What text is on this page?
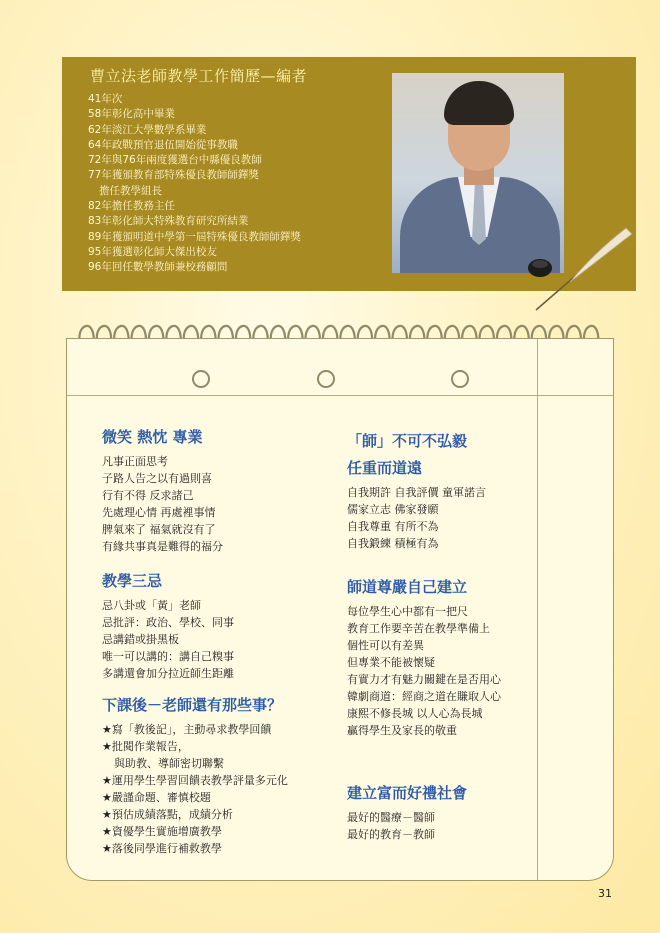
曹立法老師教學工作簡歷—編者
41年次
58年彰化高中畢業
62年淡江大學數學系畢業
64年政戰預官退伍開始從事教職
72年與76年兩度獲選台中縣優良教師
77年獲頒教育部特殊優良教師師鐸獎
擔任教學組長
82年擔任教務主任
83年彰化師大特殊教育研究所結業
89年獲頒明道中學第一屆特殊優良教師師鐸獎
95年獲選彰化師大傑出校友
96年回任數學教師兼校務顧問
微笑 熱忱 專業
凡事正面思考
子路人告之以有過則喜
行有不得 反求諸己
先處理心情 再處裡事情
脾氣來了 福氣就沒有了
有緣共事真是難得的福分
教學三忌
忌八卦或「黃」老師
忌批評：政治、學校、同事
忌講錯或掛黑板
唯一可以講的：講自己糗事
多講還會加分拉近師生距離
下課後－老師還有那些事？
★寫「教後記」，主動尋求教學回饋
★批閱作業報告，
與助教、導師密切聯繫
★運用學生學習回饋表教學評量多元化
★嚴謹命題、審慎校題
★預估成績落點，成績分析
★資優學生實施增廣教學
★落後同學進行補救教學
「師」不可不弘毅
任重而道遠
自我期許 自我評價 童軍諾言
儒家立志 佛家發願
自我尊重 有所不為
自我鍛練 積極有為
師道尊嚴自己建立
每位學生心中都有一把尺
教育工作要辛苦在教學準備上
個性可以有差異
但專業不能被懷疑
有實力才有魅力關鍵在是否用心
韓劇商道：經商之道在賺取人心
康熙不修長城 以人心為長城
贏得學生及家長的敬重
建立富而好禮社會
最好的醫療－醫師
最好的教育－教師
31
